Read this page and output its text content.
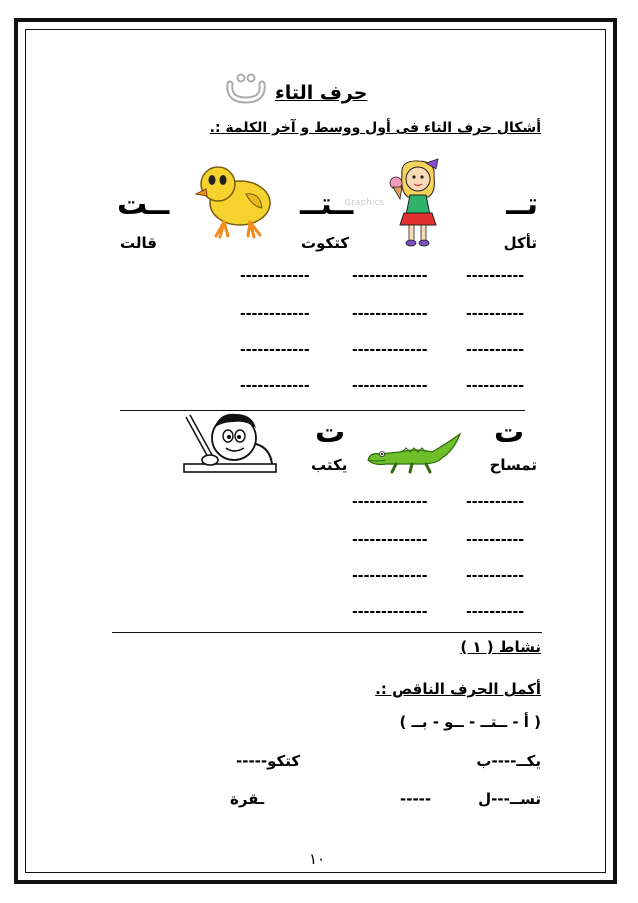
حرف التاء
أشكال حرف التاء فى أول ووسط و آخر الكلمة :.
تــ
ــتــ
ــت
تأكل
كتكوت
قالت
Graphics
----------
-------------
------------
----------
-------------
------------
----------
-------------
------------
----------
-------------
------------
ت
ت
تمساح
يكتب
----------
-------------
----------
-------------
----------
-------------
----------
-------------
نشاط ( ١ )
أكمل الحرف الناقص :.
( أ - ــتــ - ــو - بــ )
يكــ----ب
كتكو-----
تســ---ل
-----
ـقرة
١٠
